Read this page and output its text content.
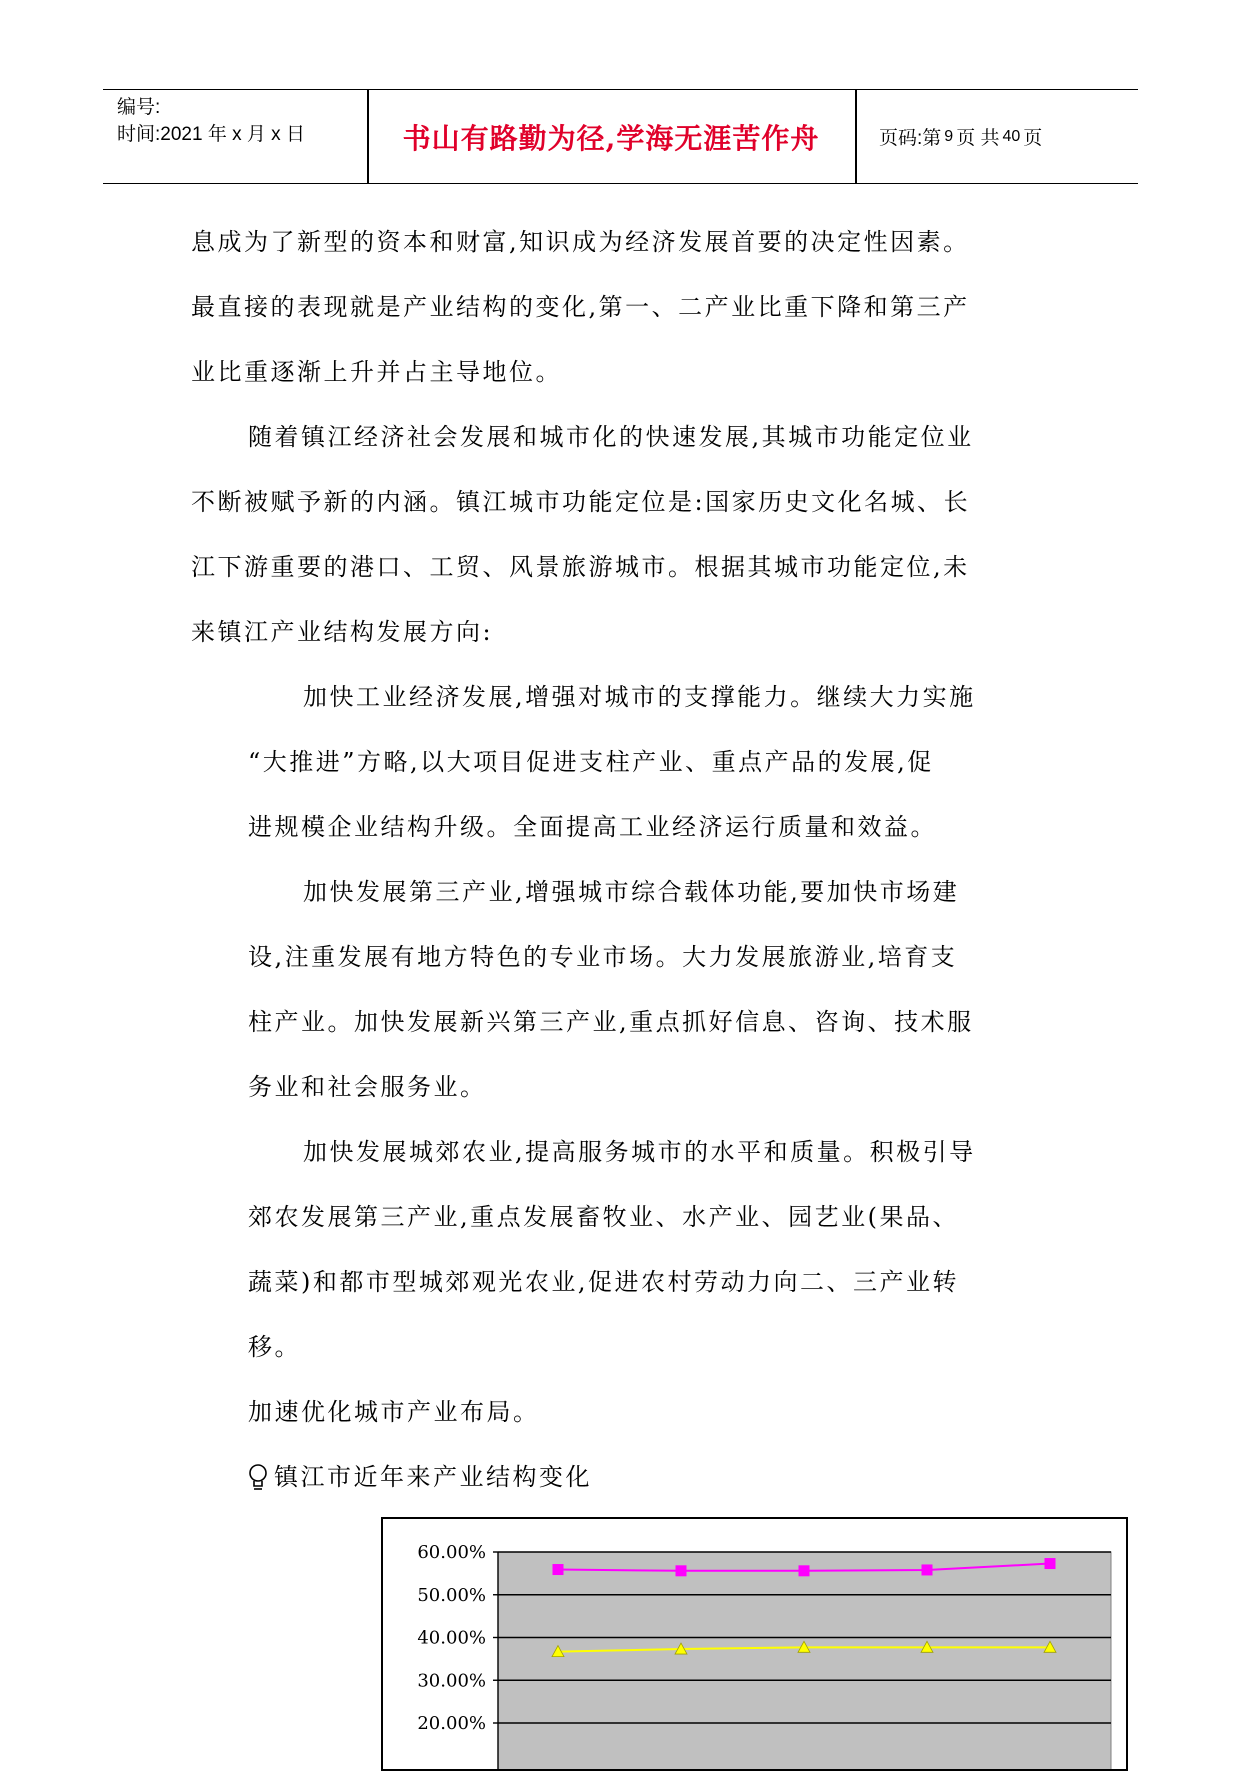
编号:
时间:2021 年 x 月 x 日	书山有路勤为径,学海无涯苦作舟	页码:第 9 页 共 40 页
息成为了新型的资本和财富,知识成为经济发展首要的决定性因素。
最直接的表现就是产业结构的变化,第一、二产业比重下降和第三产
业比重逐渐上升并占主导地位。
随着镇江经济社会发展和城市化的快速发展,其城市功能定位业
不断被赋予新的内涵。镇江城市功能定位是:国家历史文化名城、长
江下游重要的港口、工贸、风景旅游城市。根据其城市功能定位,未
来镇江产业结构发展方向:
加快工业经济发展,增强对城市的支撑能力。继续大力实施
“大推进”方略,以大项目促进支柱产业、重点产品的发展,促
进规模企业结构升级。全面提高工业经济运行质量和效益。
加快发展第三产业,增强城市综合载体功能,要加快市场建
设,注重发展有地方特色的专业市场。大力发展旅游业,培育支
柱产业。加快发展新兴第三产业,重点抓好信息、咨询、技术服
务业和社会服务业。
加快发展城郊农业,提高服务城市的水平和质量。积极引导
郊农发展第三产业,重点发展畜牧业、水产业、园艺业(果品、
蔬菜)和都市型城郊观光农业,促进农村劳动力向二、三产业转
移。
加速优化城市产业布局。
镇江市近年来产业结构变化
60.00%
50.00%
40.00%
30.00%
20.00%
